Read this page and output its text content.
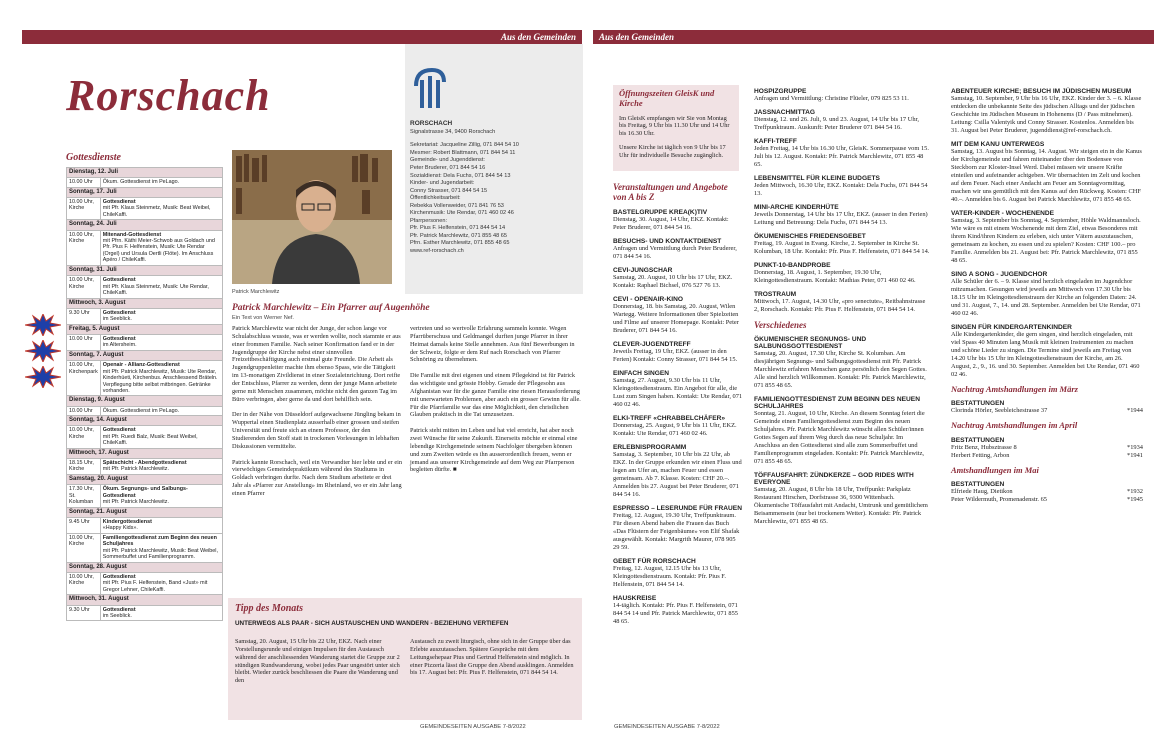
Aus den Gemeinden	Aus den Gemeinden
Rorschach
RORSCHACH
Signalstrasse 34, 9400 Rorschach
Sekretariat: Jacqueline Zillig, 071 844 54 10
Mesmer: Robert Blattmann, 071 844 54 11
Gemeinde- und Jugenddienst:
Peter Bruderer, 071 844 54 16
Sozialdienst: Dela Fuchs, 071 844 54 13
Kinder- und Jugendarbeit:
Conny Strasser, 071 844 54 15
Öffentlichkeitsarbeit:
Rebekka Vollenweider, 071 841 76 53
Kirchenmusik: Ute Rendar, 071 460 02 46
Pfarrpersonen:
Pfr. Pius F. Helfenstein, 071 844 54 14
Pfr. Patrick Marchlewitz, 071 855 48 65
Pfrn. Esther Marchlewitz, 071 855 48 65
www.ref-rorschach.ch
Patrick Marchlewitz
Gottesdienste
Dienstag, 12. Juli	
10.00 Uhr	Ökum. Gottesdienst im PeLago.

Sonntag, 17. Juli	
10.00 Uhr, Kirche	Gottesdienst
mit Pfr. Klaus Steinmetz, Musik: Beat Weibel, ChileKaffi.

Sonntag, 24. Juli	
10.00 Uhr, Kirche	Mitenand-Gottesdienst
mit Pfrn. Käthi Meier-Schwob aus Goldach und Pfr. Pius F. Helfenstein, Musik: Ute Rendar (Orgel) und Ursula Oertli (Flöte). Im Anschluss Apéro / ChileKaffi.

Sonntag, 31. Juli	
10.00 Uhr, Kirche	Gottesdienst
mit Pfr. Klaus Steinmetz, Musik: Ute Rendar, ChileKaffi.

Mittwoch, 3. August	
9.30 Uhr	Gottesdienst
im Seeblick.

Freitag, 5. August	
10.00 Uhr	Gottesdienst
im Altersheim.

Sonntag, 7. August	
10.00 Uhr, Kirchenpark	Openair - Allianz-Gottesdienst
mit Pfr. Patrick Marchlewitz, Musik: Ute Rendar, Kinderhüeti, Kirchenbus. Anschliessend Bräteln. Verpflegung bitte selbst mitbringen. Getränke vorhanden.

Dienstag, 9. August	
10.00 Uhr	Ökum. Gottesdienst im PeLago.

Sonntag, 14. August	
10.00 Uhr, Kirche	Gottesdienst
mit Pfr. Ruedi Balz, Musik: Beat Weibel, ChileKaffi.

Mittwoch, 17. August	
18.15 Uhr, Kirche	Spätschicht - Abendgottesdienst
mit Pfr. Patrick Marchlewitz.

Samstag, 20. August	
17.30 Uhr, St. Kolumban	Ökum. Segnungs- und Salbungs-Gottesdienst
mit Pfr. Patrick Marchlewitz.

Sonntag, 21. August	
9.45 Uhr	Kindergottesdienst
«Happy Kids».

10.00 Uhr, Kirche	Familiengottesdienst zum Beginn des neuen Schuljahres
mit Pfr. Patrick Marchlewitz, Musik: Beat Weibel, Sommerbuffet und Familienprogramm.

Sonntag, 28. August	
10.00 Uhr, Kirche	Gottesdienst
mit Pfr. Pius F. Helfenstein, Band «Just» mit Gregor Lehner, ChileKaffi.

Mittwoch, 31. August	
9.30 Uhr	Gottesdienst
im Seeblick.
Patrick Marchlewitz – Ein Pfarrer auf Augenhöhe
Ein Text von Werner Nef.
Patrick Marchlewitz war nicht der Junge, der schon lange vor Schulabschluss wusste, was er werden wollte, noch stammte er aus einer frommen Familie. Nach seiner Konfirmation fand er in der Jugendgruppe der Kirche nebst einer sinnvollen Freizeitbeschäftigung auch erstmal gute Freunde. Die Arbeit als Jugendgruppenleiter machte ihm ebenso Spass, wie die Tätigkeit im 13-monatigen Zivildienst in einer Sozialeinrichtung. Dort reifte der Entschluss, Pfarrer zu werden, denn der junge Mann arbeitete gerne mit Menschen zusammen, möchte nicht den ganzen Tag im Büro verbringen, aber gerne da und dort behilflich sein.

Der in der Nähe von Düsseldorf aufgewachsene Jüngling bekam in Wuppertal einen Studienplatz ausserhalb einer grossen und steifen Universität und freute sich an einem Professor, der den Studierenden den Stoff statt in trockenen Vorlesungen in lebhaften Diskussionen vermittelte.

Patrick kannte Rorschach, weil ein Verwandter hier lebte und er ein vierwöchiges Gemeindepraktikum während des Studiums in Goldach verbringen durfte. Nach dem Studium arbeitete er drei Jahr als «Pfarrer zur Anstellung» im Rheinland, wo er ein Jahr lang einen Pfarrer
vertreten und so wertvolle Erfahrung sammeln konnte. Wegen Pfarrüberschuss und Geldmangel durften junge Pfarrer in ihrer Heimat damals keine Stelle annehmen. Aus fünf Bewerbungen in der Schweiz, folgte er dem Ruf nach Rorschach von Pfarrer Schnöring zu übernehmen.

Die Familie mit drei eigenen und einem Pflegekind ist für Patrick das wichtigste und grösste Hobby. Gerade der Pflegesohn aus Afghanistan war für die ganze Familie eine riesen Herausforderung mit unerwarteten Problemen, aber auch ein grosser Gewinn für alle. Für die Pfarrfamilie war das eine Möglichkeit, den christlichen Glauben praktisch in die Tat umzusetzen.

Patrick steht mitten im Leben und hat viel erreicht, hat aber noch zwei Wünsche für seine Zukunft. Einerseits möchte er einmal eine lebendige Kirchgemeinde seinem Nachfolger übergeben können und zum Zweiten würde es ihn ausserordentlich freuen, wenn er jemand aus unserer Kirchgemeinde auf dem Weg zur Pfarrperson begleiten dürfte. ■
Tipp des Monats
UNTERWEGS ALS PAAR - SICH AUSTAUSCHEN UND WANDERN - BEZIEHUNG VERTIEFEN
Samstag, 20. August, 15 Uhr bis 22 Uhr, EKZ. Nach einer Vorstellungsrunde und einigen Impulsen für den Austausch während der anschliessenden Wanderung startet die Gruppe zur 2 stündigen Rundwanderung, wobei jedes Paar ungestört unter sich bleibt. Wieder zurück beschliessen die Paare die Wanderung und den
Austausch zu zweit liturgisch, ohne sich in der Gruppe über das Erlebte auszutauschen. Spätere Gespräche mit dem Leitungsehepaar Pius und Gertrud Helfenstein sind möglich. In einer Pizzeria lässt die Gruppe den Abend ausklingen. Anmelden bis 17. August bei: Pfr. Pius F. Helfenstein, 071 844 54 14.
GEMEINDESEITEN AUSGABE 7-8/2022
Öffnungszeiten GleisK und Kirche
Im GleisK empfangen wir Sie von Montag bis Freitag, 9 Uhr bis 11.30 Uhr und 14 Uhr bis 16.30 Uhr.
Unsere Kirche ist täglich von 9 Uhr bis 17 Uhr für individuelle Besuche zugänglich.
Veranstaltungen und Angebote von A bis Z
BASTELGRUPPE KREA(K)TIV
Dienstag, 30. August, 14 Uhr, EKZ. Kontakt: Peter Bruderer, 071 844 54 16.
BESUCHS- UND KONTAKTDIENST
Anfragen und Vermittlung durch Peter Bruderer, 071 844 54 16.
CEVI-JUNGSCHAR
Samstag, 20. August, 10 Uhr bis 17 Uhr, EKZ. Kontakt: Raphael Bichsel, 076 527 76 13.
CEVI - OPENAIR-KINO
Donnerstag, 18. bis Samstag, 20. August, Wilen Wartegg. Weitere Informationen über Spielzeiten und Filme auf unserer Homepage. Kontakt: Peter Bruderer, 071 844 54 16.
CLEVER-JUGENDTREFF
Jeweils Freitag, 19 Uhr, EKZ. (ausser in den Ferien) Kontakt: Conny Strasser, 071 844 54 15.
EINFACH SINGEN
Samstag, 27. August, 9.30 Uhr bis 11 Uhr, Kleingottesdienstraum. Ein Angebot für alle, die Lust zum Singen haben. Kontakt: Ute Rendar, 071 460 02 46.
ELKI-TREFF «CHRABBELCHÄFER»
Donnerstag, 25. August, 9 Uhr bis 11 Uhr, EKZ. Kontakt: Ute Rendar, 071 460 02 46.
ERLEBNISPROGRAMM
Samstag, 3. September, 10 Uhr bis 22 Uhr, ab EKZ. In der Gruppe erkunden wir einen Fluss und legen am Ufer an, machen Feuer und essen gemeinsam. Ab 7. Klasse. Kosten: CHF 20.–. Anmelden bis 27. August bei Peter Bruderer, 071 844 54 16.
ESPRESSO – LESERUNDE FÜR FRAUEN
Freitag, 12. August, 19.30 Uhr, Treffpunktraum. Für diesen Abend haben die Frauen das Buch «Das Flüstern der Feigenbäume» von Elif Shafak ausgewählt. Kontakt: Margrith Maurer, 078 905 29 59.
GEBET FÜR RORSCHACH
Freitag, 12. August, 12.15 Uhr bis 13 Uhr, Kleingottesdienstraum. Kontakt: Pfr. Pius F. Helfenstein, 071 844 54 14.
HAUSKREISE
14-täglich. Kontakt: Pfr. Pius F. Helfenstein, 071 844 54 14 und Pfr. Patrick Marchlewitz, 071 855 48 65.
HOSPIZGRUPPE
Anfragen und Vermittlung: Christine Flüeler, 079 825 53 11.
JASSNACHMITTAG
Dienstag, 12. und 26. Juli, 9. und 23. August, 14 Uhr bis 17 Uhr, Treffpunktraum. Auskunft: Peter Bruderer 071 844 54 16.
KAFFI-TREFF
Jeden Freitag, 14 Uhr bis 16.30 Uhr, GleisK. Sommerpause vom 15. Juli bis 12. August. Kontakt: Pfr. Patrick Marchlewitz, 071 855 48 65.
LEBENSMITTEL FÜR KLEINE BUDGETS
Jeden Mittwoch, 16.30 Uhr, EKZ. Kontakt: Dela Fuchs, 071 844 54 13.
MINI-ARCHE KINDERHÜTE
Jeweils Donnerstag, 14 Uhr bis 17 Uhr, EKZ. (ausser in den Ferien) Leitung und Betreuung: Dela Fuchs, 071 844 54 13.
ÖKUMENISCHES FRIEDENSGEBET
Freitag, 19. August in Evang. Kirche, 2. September in Kirche St. Kolumban, 18 Uhr. Kontakt: Pfr. Pius F. Helfenstein, 071 844 54 14.
PUNKT-10-BANDPROBE
Donnerstag, 18. August, 1. September, 19.30 Uhr, Kleingottesdienstraum. Kontakt: Mathias Peter, 071 460 02 46.
TROSTRAUM
Mittwoch, 17. August, 14.30 Uhr, «pro senectute», Reitbahnstrasse 2, Rorschach. Kontakt: Pfr. Pius F. Helfenstein, 071 844 54 14.
Verschiedenes
ÖKUMENISCHER SEGNUNGS- UND SALBUNGSGOTTESDIENST
Samstag, 20. August, 17.30 Uhr, Kirche St. Kolumban. Am diesjährigen Segnungs- und Salbungsgottesdienst mit Pfr. Patrick Marchlewitz erfahren Menschen ganz persönlich den Segen Gottes. Alle sind herzlich Willkommen. Kontakt: Pfr. Patrick Marchlewitz, 071 855 48 65.
FAMILIENGOTTESDIENST ZUM BEGINN DES NEUEN SCHULJAHRES
Sonntag, 21. August, 10 Uhr, Kirche. An diesem Sonntag feiert die Gemeinde einen Familiengottesdienst zum Beginn des neuen Schuljahres. Pfr. Patrick Marchlewitz wünscht allen Schüler/innen Gottes Segen auf ihrem Weg durch das neue Schuljahr. Im Anschluss an den Gottesdienst sind alle zum Sommerbuffet und Familienprogramm eingeladen. Kontakt: Pfr. Patrick Marchlewitz, 071 855 48 65.
TÖFFAUSFAHRT: ZÜNDKERZE – GOD RIDES WITH EVERYONE
Samstag, 20. August, 8 Uhr bis 18 Uhr, Treffpunkt: Parkplatz Restaurant Hirschen, Dorfstrasse 36, 9300 Wittenbach. Ökumenische Töffausfahrt mit Andacht, Umtrunk und gemütlichem Beisammensein (nur bei trockenem Wetter). Kontakt: Pfr. Patrick Marchlewitz, 071 855 48 65.
ABENTEUER KIRCHE; BESUCH IM JÜDISCHEN MUSEUM
Samstag, 10. September, 9 Uhr bis 16 Uhr, EKZ. Kinder der 3. – 6. Klasse entdecken die unbekannte Seite des jüdischen Alltags und der jüdischen Geschichte im Jüdischen Museum in Hohenems (D / Pass mitnehmen). Leitung: Csilla Valentyik und Conny Strasser. Kostenlos. Anmelden bis 31. August bei Peter Bruderer, jugenddienst@ref-rorschach.ch.
MIT DEM KANU UNTERWEGS
Samstag, 13. August bis Sonntag, 14. August. Wir steigen ein in die Kanus der Kirchgemeinde und fahren miteinander über den Bodensee von Steckborn zur Kloster-Insel Werd. Dabei müssen wir unsere Kräfte einteilen und aufeinander achtgeben. Wir übernachten im Zelt und kochen auf dem Feuer. Nach einer Andacht am Feuer am Sonntagvormittag, machen wir uns gemütlich mit den Kanus auf den Rückweg. Kosten: CHF 40.–. Anmelden bis 6. August bei Patrick Marchlewitz, 071 855 48 65.
VATER-KINDER - WOCHENENDE
Samstag, 3. September bis Sonntag, 4. September, Höhle Waldmannsloch. Wie wäre es mit einem Wochenende mit dem Ziel, etwas Besonderes mit ihrem Kind/ihren Kindern zu erleben, sich unter Vätern auszutauschen, gemeinsam zu kochen, zu essen und zu spielen? Kosten: CHF 100.– pro Familie. Anmelden bis 21. August bei: Pfr. Patrick Marchlewitz, 071 855 48 65.
SING A SONG - JUGENDCHOR
Alle Schüler der 6. – 9. Klasse sind herzlich eingeladen im Jugendchor mitzumachen. Gesungen wird jeweils am Mittwoch von 17.30 Uhr bis 18.15 Uhr im Kleingottesdienstraum der Kirche an folgenden Daten: 24. und 31. August, 7., 14. und 28. September. Anmelden bei Ute Rendar, 071 460 02 46.
SINGEN FÜR KINDERGARTENKINDER
Alle Kindergartenkinder, die gern singen, sind herzlich eingeladen, mit viel Spass 40 Minuten lang Musik mit kleinen Instrumenten zu machen und schöne Lieder zu singen. Die Termine sind jeweils am Freitag von 14.20 Uhr bis 15 Uhr im Kleingottesdienstraum der Kirche, am 26. August, 2., 9., 16. und 30. September. Anmelden bei Ute Rendar, 071 460 02 46.
Nachtrag Amtshandlungen im März
BESTATTUNGEN
Clorinda Hörler, Seebleichestrasse 37	*1944
Nachtrag Amtshandlungen im April
BESTATTUNGEN
Fritz Benz, Hubsztrasse 8	*1934
Herbert Fetting, Arbon	*1941
Amtshandlungen im Mai
BESTATTUNGEN
Elfriede Haug, Dietikon	*1932
Peter Wildermuth, Promenadenstr. 65	*1945
GEMEINDESEITEN AUSGABE 7-8/2022
